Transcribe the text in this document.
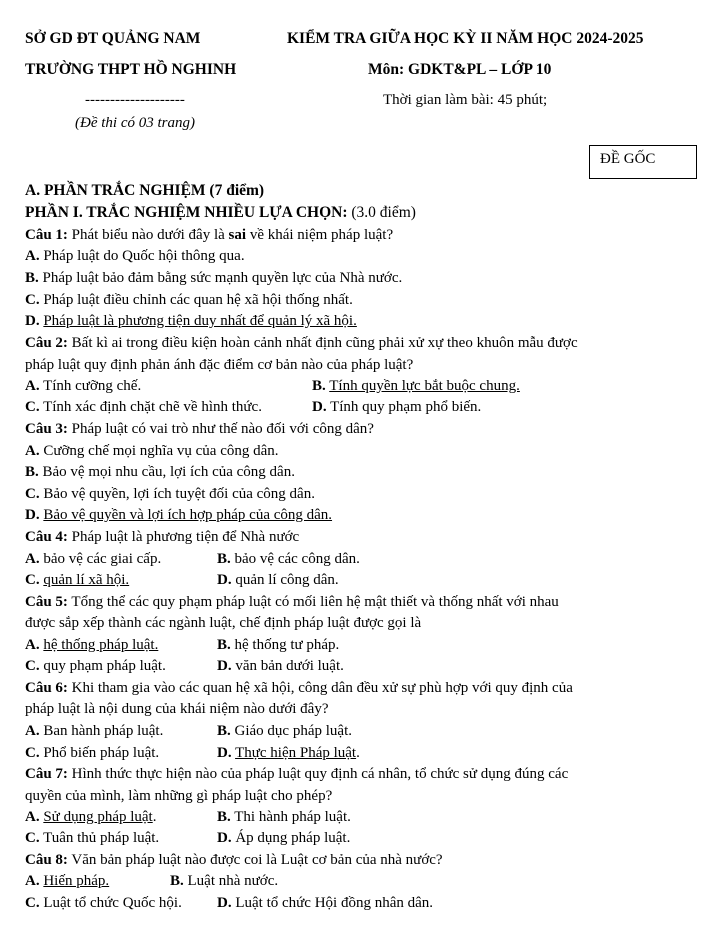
SỞ GD ĐT QUẢNG NAM	KIỂM TRA GIỮA HỌC KỲ II NĂM HỌC 2024-2025
TRƯỜNG THPT HỒ NGHINH	Môn: GDKT&PL – LỚP 10
--------------------	Thời gian làm bài: 45 phút;
(Đề thi có 03 trang)
ĐỀ GỐC
A. PHẦN TRẮC NGHIỆM (7 điểm)
PHẦN I. TRẮC NGHIỆM NHIỀU LỰA CHỌN: (3.0 điểm)
Câu 1: Phát biểu nào dưới đây là sai về khái niệm pháp luật?
A. Pháp luật do Quốc hội thông qua.
B. Pháp luật bảo đảm bằng sức mạnh quyền lực của Nhà nước.
C. Pháp luật điều chỉnh các quan hệ xã hội thống nhất.
D. Pháp luật là phương tiện duy nhất để quản lý xã hội.
Câu 2: Bất kì ai trong điều kiện hoàn cảnh nhất định cũng phải xử xự theo khuôn mẫu được
pháp luật quy định phản ánh đặc điểm cơ bản nào của pháp luật?
A. Tính cưỡng chế.	B. Tính quyền lực bắt buộc chung.
C. Tính xác định chặt chẽ về hình thức.	D. Tính quy phạm phổ biến.
Câu 3: Pháp luật có vai trò như thế nào đối với công dân?
A. Cưỡng chế mọi nghĩa vụ của công dân.
B. Bảo vệ mọi nhu cầu, lợi ích của công dân.
C. Bảo vệ quyền, lợi ích tuyệt đối của công dân.
D. Bảo vệ quyền và lợi ích hợp pháp của công dân.
Câu 4: Pháp luật là phương tiện để Nhà nước
A. bảo vệ các giai cấp.	B. bảo vệ các công dân.
C. quản lí xã hội.	D. quản lí công dân.
Câu 5: Tổng thể các quy phạm pháp luật có mối liên hệ mật thiết và thống nhất với nhau
được sắp xếp thành các ngành luật, chế định pháp luật được gọi là
A. hệ thống pháp luật.	B. hệ thống tư pháp.
C. quy phạm pháp luật.	D. văn bản dưới luật.
Câu 6: Khi tham gia vào các quan hệ xã hội, công dân đều xử sự phù hợp với quy định của
pháp luật là nội dung của khái niệm nào dưới đây?
A. Ban hành pháp luật.	B. Giáo dục pháp luật.
C. Phổ biến pháp luật.	D. Thực hiện Pháp luật.
Câu 7: Hình thức thực hiện nào của pháp luật quy định cá nhân, tổ chức sử dụng đúng các
quyền của mình, làm những gì pháp luật cho phép?
A. Sử dụng pháp luật.	B. Thi hành pháp luật.
C. Tuân thủ pháp luật.	D. Áp dụng pháp luật.
Câu 8: Văn bản pháp luật nào được coi là Luật cơ bản của nhà nước?
A. Hiến pháp.	B. Luật nhà nước.
C. Luật tổ chức Quốc hội. D. Luật tổ chức Hội đồng nhân dân.
